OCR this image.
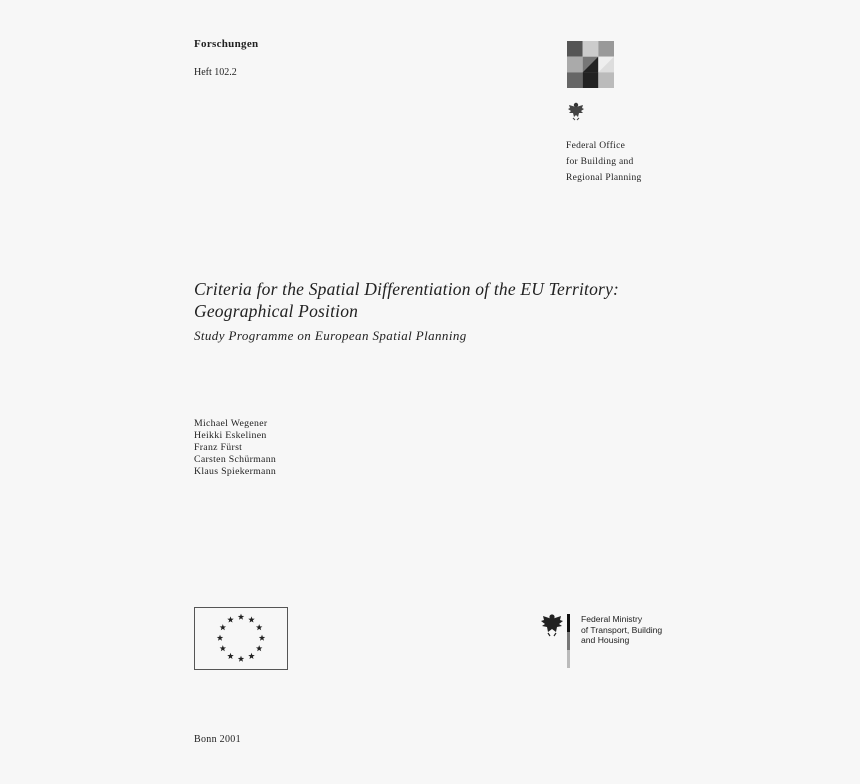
Forschungen
Heft 102.2
Federal Office
for Building and
Regional Planning
Criteria for the Spatial Differentiation of the EU Territory:
Geographical Position
Study Programme on European Spatial Planning
Michael Wegener
Heikki Eskelinen
Franz Fürst
Carsten Schürmann
Klaus Spiekermann
Federal Ministry
of Transport, Building
and Housing
Bonn 2001
